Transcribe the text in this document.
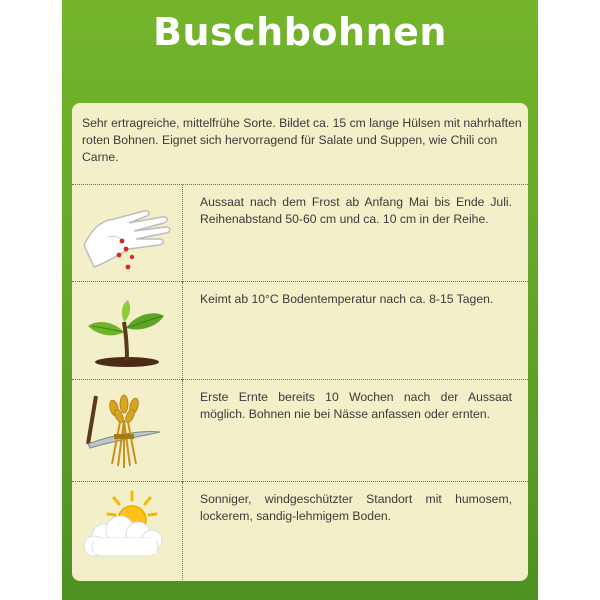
Buschbohnen
Sehr ertragreiche, mittelfrühe Sorte. Bildet ca. 15 cm lange Hülsen mit nahrhaften roten Bohnen. Eignet sich hervorragend für Salate und Suppen, wie Chili con Carne.
Aussaat nach dem Frost ab Anfang Mai bis Ende Juli. Reihenabstand 50-60 cm und ca. 10 cm in der Reihe.
Keimt ab 10°C Bodentemperatur nach ca. 8-15 Tagen.
Erste Ernte bereits 10 Wochen nach der Aussaat möglich. Bohnen nie bei Nässe anfassen oder ernten.
Sonniger, windgeschützter Standort mit humosem, lockerem, sandig-lehmigem Boden.
